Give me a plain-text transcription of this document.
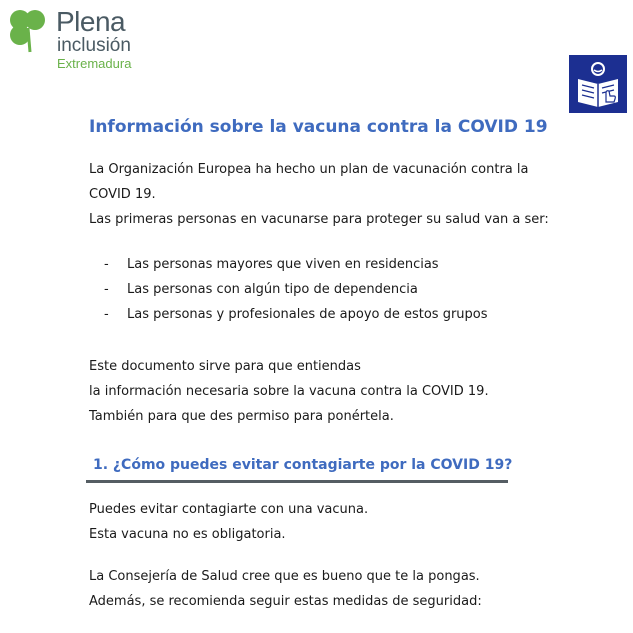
Plena
inclusión
Extremadura
Información sobre la vacuna contra la COVID 19

La Organización Europea ha hecho un plan de vacunación contra la

COVID 19.

Las primeras personas en vacunarse para proteger su salud van a ser:

- Las personas mayores que viven en residencias
- Las personas con algún tipo de dependencia
- Las personas y profesionales de apoyo de estos grupos

Este documento sirve para que entiendas

la información necesaria sobre la vacuna contra la COVID 19.

También para que des permiso para ponértela.

1. ¿Cómo puedes evitar contagiarte por la COVID 19?

Puedes evitar contagiarte con una vacuna.

Esta vacuna no es obligatoria.

La Consejería de Salud cree que es bueno que te la pongas.

Además, se recomienda seguir estas medidas de seguridad:
